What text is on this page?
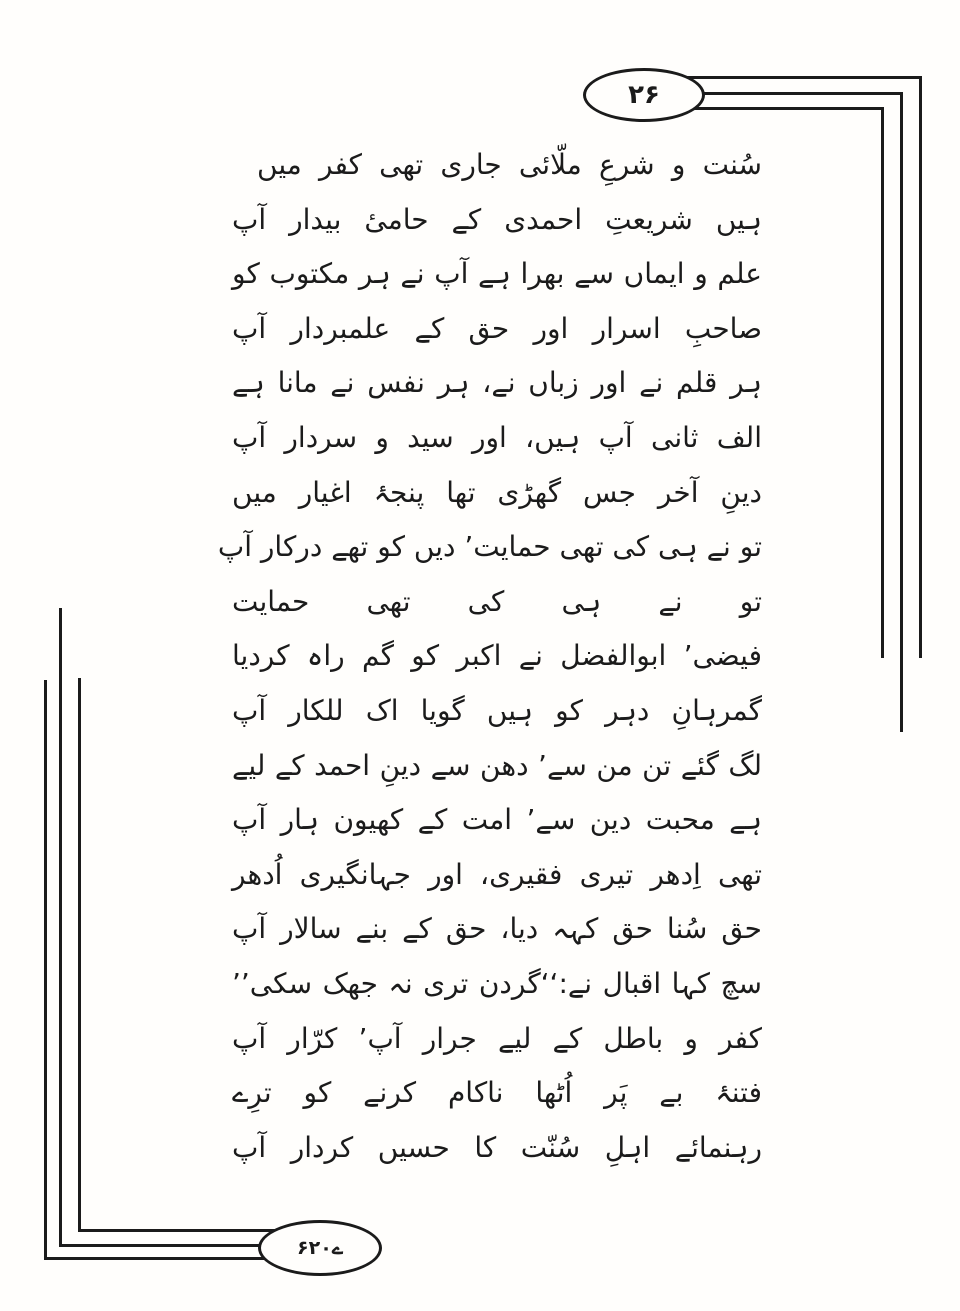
۲۶
۶ے۲۰
سُنت و شرعِ ملّائی جاری تھی کفر میں
ہیں شریعتِ احمدی کے حامیٔ بیدار آپ
علم و ایماں سے بھرا ہے آپ نے ہر مکتوب کو
صاحبِ اسرار اور حق کے علمبردار آپ
ہر قلم نے اور زباں نے، ہر نفس نے مانا ہے
الف ثانی آپ ہیں، اور سید و سردار آپ
دینِ آخر جس گھڑی تھا پنجۂ اغیار میں
تو نے ہی کی تھی حمایت’ دیں کو تھے درکار آپ
تو نے ہی کی تھی حمایت
فیضی’ ابوالفضل نے اکبر کو گم راہ کردیا
گمرہانِ دہر کو ہیں گویا اک للکار آپ
لگ گئے تن من سے’ دھن سے دینِ احمد کے لیے
ہے محبت دین سے’ امت کے کھیون ہار آپ
تھی اِدھر تیری فقیری، اور جہانگیری اُدھر
حق سُنا حق کہہ دیا، حق کے بنے سالار آپ
سچ کہا اقبال نے:‘‘گردن تری نہ جھک سکی’’
کفر و باطل کے لیے جرار آپ’ کرّار آپ
فتنۂ بے پَر اُٹھا ناکام کرنے کو ترِے
رہنمائے اہلِ سُنّت کا حسیں کردار آپ
